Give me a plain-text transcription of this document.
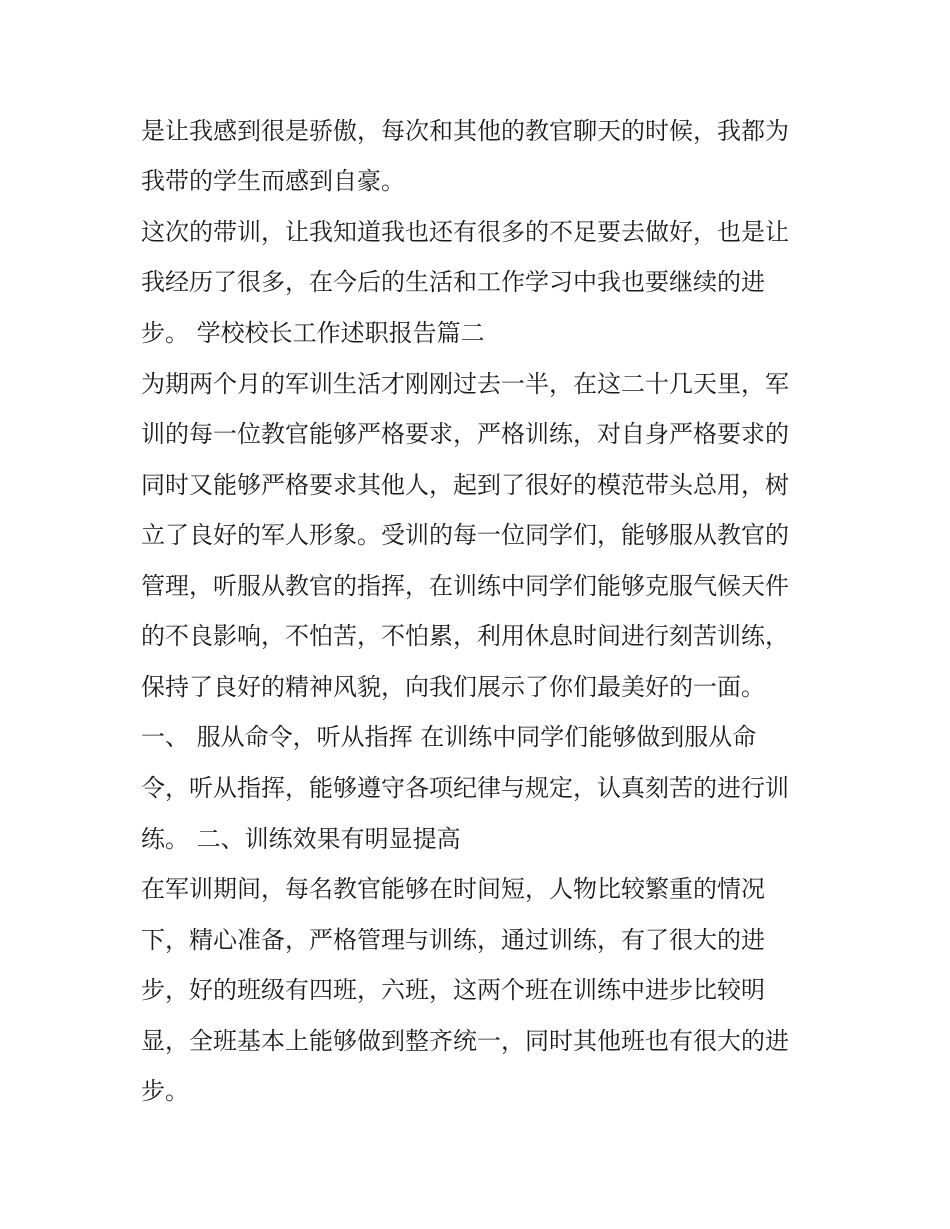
是让我感到很是骄傲，每次和其他的教官聊天的时候，我都为
我带的学生而感到自豪。
这次的带训，让我知道我也还有很多的不足要去做好，也是让
我经历了很多，在今后的生活和工作学习中我也要继续的进
步。 学校校长工作述职报告篇二
为期两个月的军训生活才刚刚过去一半，在这二十几天里，军
训的每一位教官能够严格要求，严格训练，对自身严格要求的
同时又能够严格要求其他人，起到了很好的模范带头总用，树
立了良好的军人形象。受训的每一位同学们，能够服从教官的
管理，听服从教官的指挥，在训练中同学们能够克服气候天件
的不良影响，不怕苦，不怕累，利用休息时间进行刻苦训练，
保持了良好的精神风貌，向我们展示了你们最美好的一面。
一、 服从命令，听从指挥 在训练中同学们能够做到服从命
令，听从指挥，能够遵守各项纪律与规定，认真刻苦的进行训
练。 二、训练效果有明显提高
在军训期间，每名教官能够在时间短，人物比较繁重的情况
下，精心准备，严格管理与训练，通过训练，有了很大的进
步，好的班级有四班，六班，这两个班在训练中进步比较明
显，全班基本上能够做到整齐统一，同时其他班也有很大的进
步。
